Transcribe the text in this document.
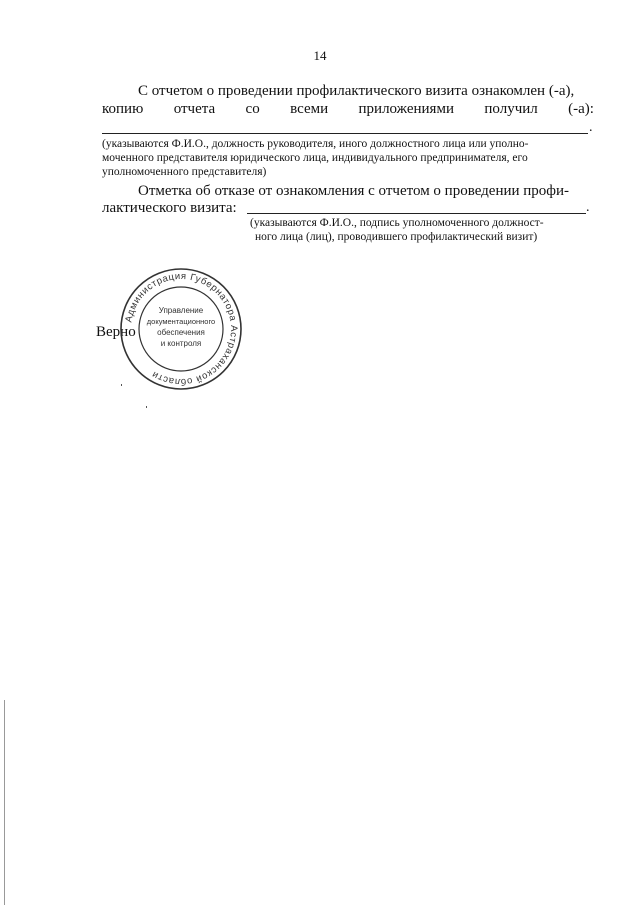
14
С отчетом о проведении профилактического визита ознакомлен (-а),
копию отчета со всеми приложениями получил (-а):
.
(указываются Ф.И.О., должность руководителя, иного должностного лица или уполно-
моченного представителя юридического лица, индивидуального предпринимателя, его
уполномоченного представителя)
Отметка об отказе от ознакомления с отчетом о проведении профи-
лактического визита:	.
(указываются Ф.И.О., подпись уполномоченного должност-
ного лица (лиц), проводившего профилактический визит)
Верно
Администрация Губернатора Астраханской области
Управление
документационного
обеспечения
и контроля
